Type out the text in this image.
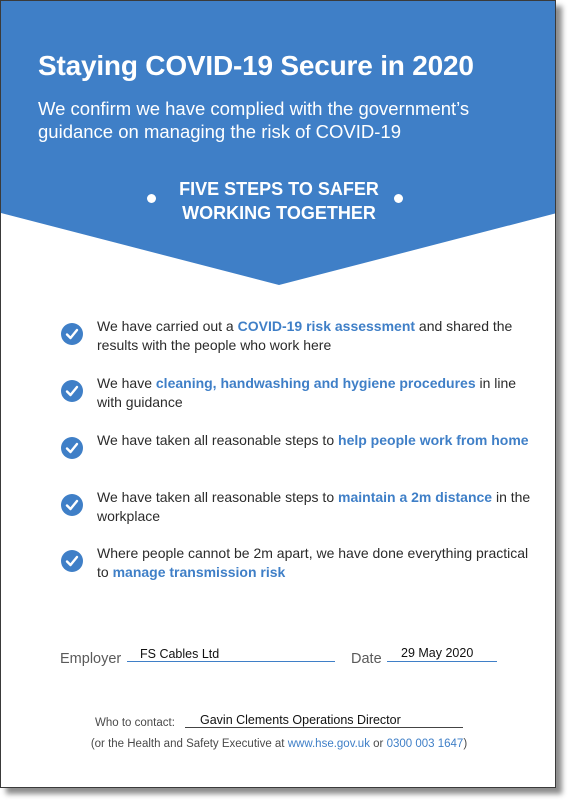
Staying COVID-19 Secure in 2020
We confirm we have complied with the government’s guidance on managing the risk of COVID-19
FIVE STEPS TO SAFER
WORKING TOGETHER
We have carried out a COVID-19 risk assessment and shared the results with the people who work here
We have cleaning, handwashing and hygiene procedures in line with guidance
We have taken all reasonable steps to help people work from home
We have taken all reasonable steps to maintain a 2m distance in the workplace
Where people cannot be 2m apart, we have done everything practical to manage transmission risk
Employer FS Cables Ltd	Date 29 May 2020
Who to contact: Gavin Clements Operations Director
(or the Health and Safety Executive at www.hse.gov.uk or 0300 003 1647)
